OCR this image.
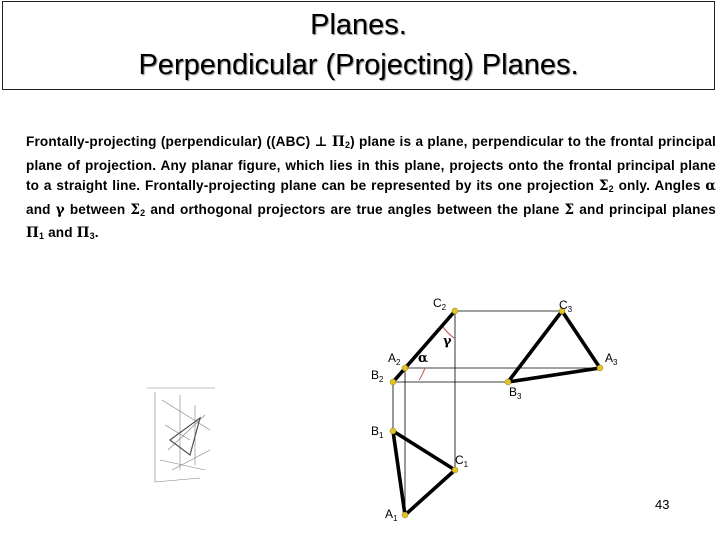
Planes.
Perpendicular (Projecting) Planes.
Frontally-projecting (perpendicular) ((ABC) ⊥ $\Pi_2$) plane is a plane, perpendicular to the frontal principal plane of projection. Any planar figure, which lies in this plane, projects onto the frontal principal plane to a straight line. Frontally-projecting plane can be represented by its one projection $\Sigma_2$ only. Angles α and γ between $\Sigma_2$ and orthogonal projectors are true angles between the plane Σ and principal planes $\Pi_1$ and $\Pi_3$.
$C_2$	$C_3$
γ
$A_2$ α	$A_3$
$B_2$
$B_3$
$B_1$
$C_1$
$A_1$
43
